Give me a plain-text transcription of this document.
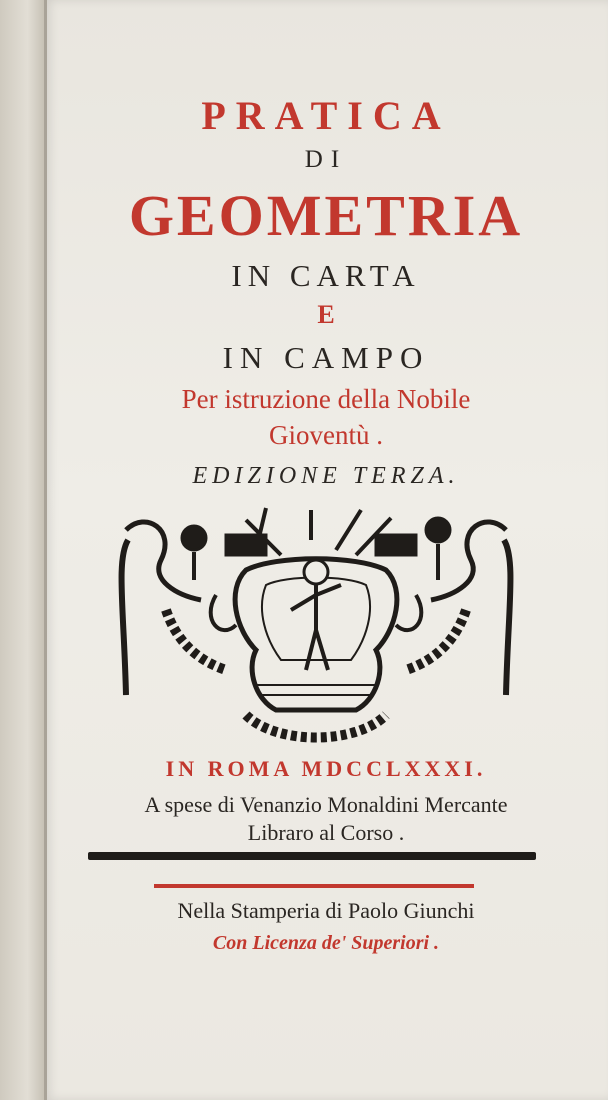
PRATICA
DI
GEOMETRIA
IN CARTA
E
IN CAMPO
Per istruzione della Nobile
Gioventù .
EDIZIONE TERZA.
IN ROMA MDCCLXXXI.
A spese di Venanzio Monaldini Mercante
Libraro al Corso .
Nella Stamperia di Paolo Giunchi
Con Licenza de' Superiori .
